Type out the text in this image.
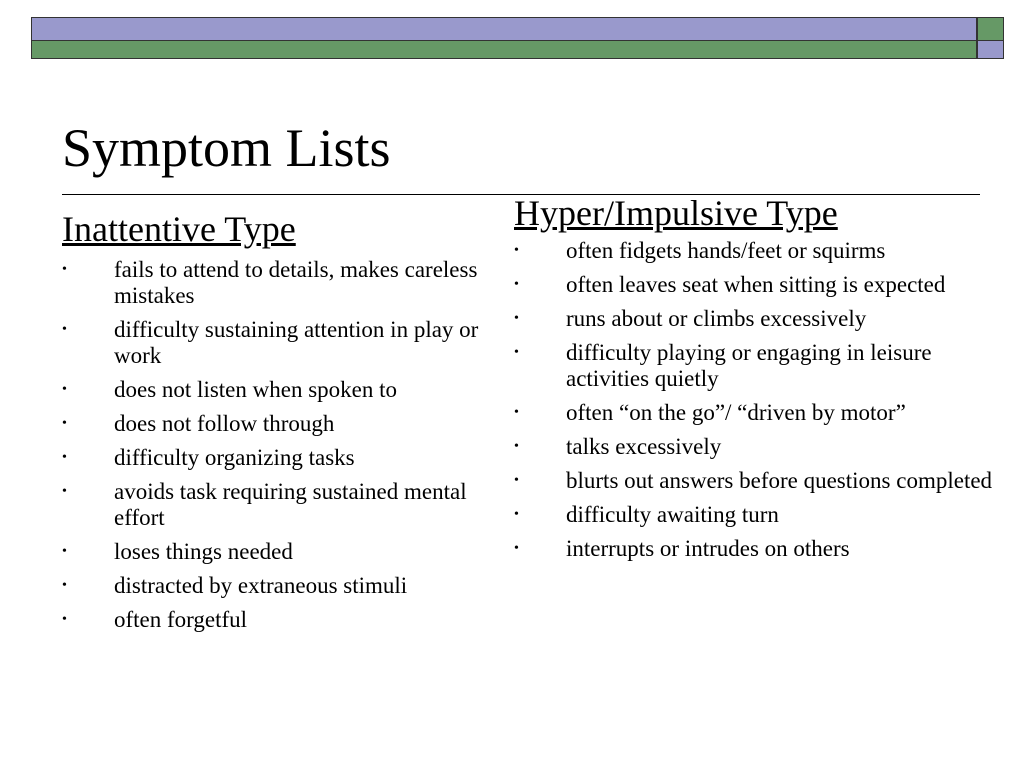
Symptom Lists
Inattentive Type
• fails to attend to details, makes careless mistakes
• difficulty sustaining attention in play or work
• does not listen when spoken to
• does not follow through
• difficulty organizing tasks
• avoids task requiring sustained mental effort
• loses things needed
• distracted by extraneous stimuli
• often forgetful
Hyper/Impulsive Type
• often fidgets hands/feet or squirms
• often leaves seat when sitting is expected
• runs about or climbs excessively
• difficulty playing or engaging in leisure activities quietly
• often “on the go”/ “driven by motor”
• talks excessively
• blurts out answers before questions completed
• difficulty awaiting turn
• interrupts or intrudes on others
